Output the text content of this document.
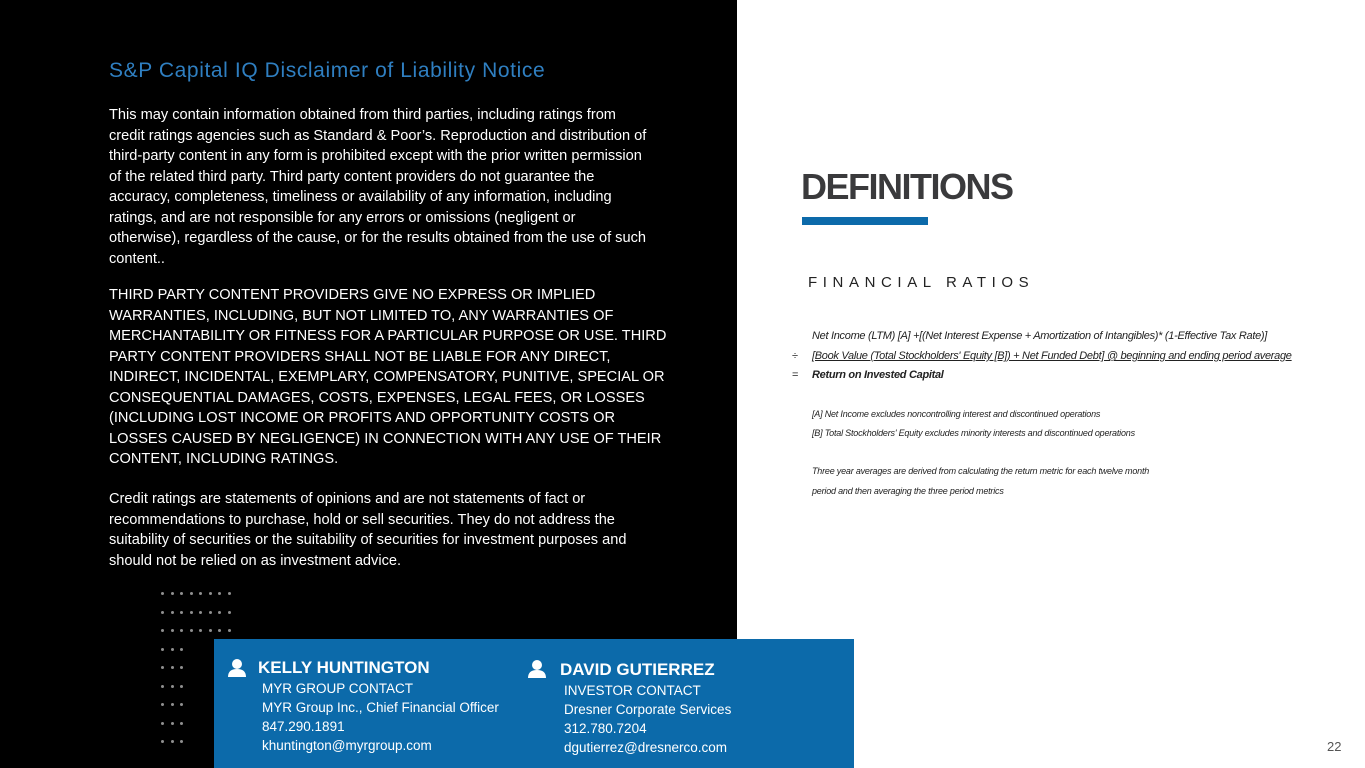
S&P Capital IQ Disclaimer of Liability Notice

This may contain information obtained from third parties, including ratings from credit ratings agencies such as Standard & Poor’s. Reproduction and distribution of third-party content in any form is prohibited except with the prior written permission of the related third party. Third party content providers do not guarantee the accuracy, completeness, timeliness or availability of any information, including ratings, and are not responsible for any errors or omissions (negligent or otherwise), regardless of the cause, or for the results obtained from the use of such content..

THIRD PARTY CONTENT PROVIDERS GIVE NO EXPRESS OR IMPLIED WARRANTIES, INCLUDING, BUT NOT LIMITED TO, ANY WARRANTIES OF MERCHANTABILITY OR FITNESS FOR A PARTICULAR PURPOSE OR USE. THIRD PARTY CONTENT PROVIDERS SHALL NOT BE LIABLE FOR ANY DIRECT, INDIRECT, INCIDENTAL, EXEMPLARY, COMPENSATORY, PUNITIVE, SPECIAL OR CONSEQUENTIAL DAMAGES, COSTS, EXPENSES, LEGAL FEES, OR LOSSES (INCLUDING LOST INCOME OR PROFITS AND OPPORTUNITY COSTS OR LOSSES CAUSED BY NEGLIGENCE) IN CONNECTION WITH ANY USE OF THEIR CONTENT, INCLUDING RATINGS.

Credit ratings are statements of opinions and are not statements of fact or recommendations to purchase, hold or sell securities. They do not address the suitability of securities or the suitability of securities for investment purposes and should not be relied on as investment advice.

KELLY HUNTINGTON
MYR GROUP CONTACT
MYR Group Inc., Chief Financial Officer
847.290.1891
khuntington@myrgroup.com
DAVID GUTIERREZ
INVESTOR CONTACT
Dresner Corporate Services
312.780.7204
dgutierrez@dresnerco.com
DEFINITIONS
FINANCIAL RATIOS
Net Income (LTM) [A] +[(Net Interest Expense + Amortization of Intangibles)* (1-Effective Tax Rate)]
÷ [Book Value (Total Stockholders' Equity [B]) + Net Funded Debt] @ beginning and ending period average
= Return on Invested Capital
[A] Net Income excludes noncontrolling interest and discontinued operations
[B] Total Stockholders' Equity excludes minority interests and discontinued operations
Three year averages are derived from calculating the return metric for each twelve month
period and then averaging the three period metrics
22
